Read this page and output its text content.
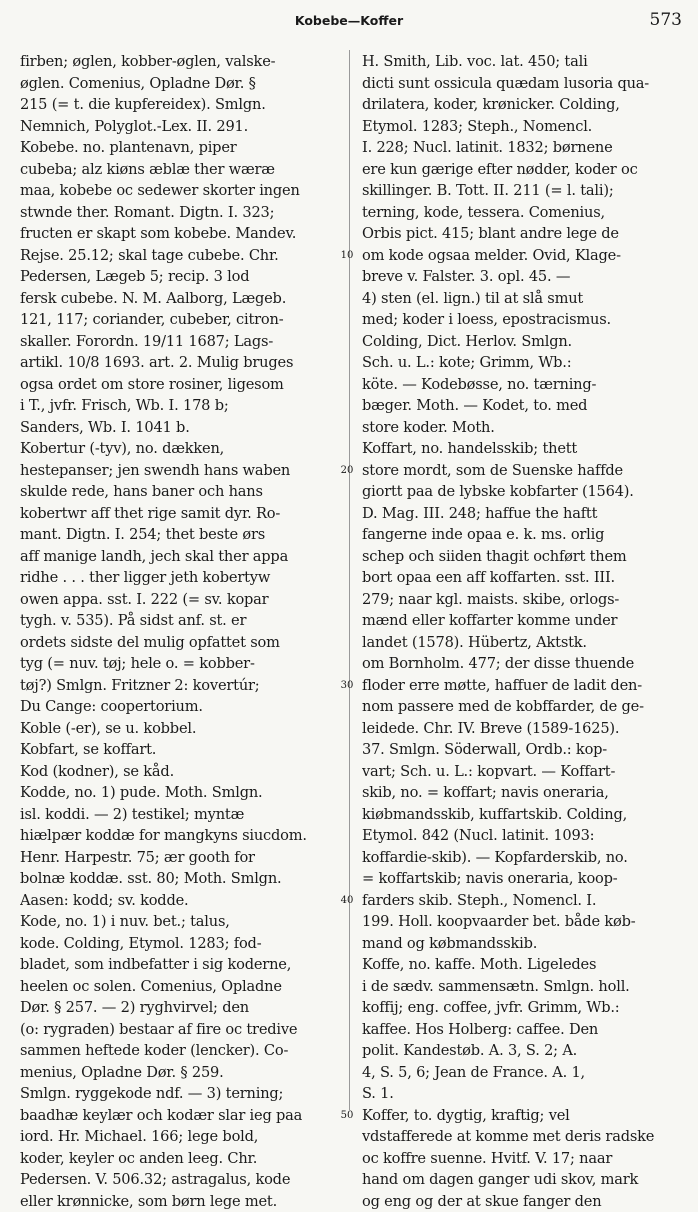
Kobebe—Koffer	573
firben; øglen, kobber-øglen, valske-
øglen. Comenius, Opladne Dør. §
215 (= t. die kupfereidex). Smlgn.
Nemnich, Polyglot.-Lex. II. 291.
Kobebe. no. plantenavn, piper
cubeba; alz kiøns æblæ ther wæræ
maa, kobebe oc sedewer skorter ingen
stwnde ther. Romant. Digtn. I. 323;
fructen er skapt som kobebe. Mandev.
Rejse. 25.12; skal tage cubebe. Chr.
Pedersen, Lægeb 5; recip. 3 lod
fersk cubebe. N. M. Aalborg, Lægeb.
121, 117; coriander, cubeber, citron-
skaller. Forordn. 19/11 1687; Lags-
artikl. 10/8 1693. art. 2. Mulig bruges
ogsa ordet om store rosiner, ligesom
i T., jvfr. Frisch, Wb. I. 178 b;
Sanders, Wb. I. 1041 b.
Kobertur (-tyv), no. dækken,
hestepanser; jen swendh hans waben
skulde rede, hans baner och hans
kobertwr aff thet rige samit dyr. Ro-
mant. Digtn. I. 254; thet beste ørs
aff manige landh, jech skal ther appa
ridhe . . . ther ligger jeth kobertyw
owen appa. sst. I. 222 (= sv. kopar
tygh. v. 535). På sidst anf. st. er
ordets sidste del mulig opfattet som
tyg (= nuv. tøj; hele o. = kobber-
tøj?) Smlgn. Fritzner 2: kovertúr;
Du Cange: coopertorium.
Koble (-er), se u. kobbel.
Kobfart, se koffart.
Kod (kodner), se kåd.
Kodde, no. 1) pude. Moth. Smlgn.
isl. koddi. — 2) testikel; myntæ
hiælpær koddæ for mangkyns siucdom.
Henr. Harpestr. 75; ær gooth for
bolnæ koddæ. sst. 80; Moth. Smlgn.
Aasen: kodd; sv. kodde.
Kode, no. 1) i nuv. bet.; talus,
kode. Colding, Etymol. 1283; fod-
bladet, som indbefatter i sig koderne,
heelen oc solen. Comenius, Opladne
Dør. § 257. — 2) ryghvirvel; den
(o: rygraden) bestaar af fire oc tredive
sammen heftede koder (lencker). Co-
menius, Opladne Dør. § 259.
Smlgn. ryggekode ndf. — 3) terning;
baadhæ keylær och kodær slar ieg paa
iord. Hr. Michael. 166; lege bold,
koder, keyler oc anden leeg. Chr.
Pedersen. V. 506.32; astragalus, kode
eller krønnicke, som børn lege met.
H. Smith, Lib. voc. lat. 450; tali
dicti sunt ossicula quædam lusoria qua-
drilatera, koder, krønicker. Colding,
Etymol. 1283; Steph., Nomencl.
I. 228; Nucl. latinit. 1832; børnene
ere kun gærige efter nødder, koder oc
skillinger. B. Tott. II. 211 (= l. tali);
terning, kode, tessera. Comenius,
Orbis pict. 415; blant andre lege de
om kode ogsaa melder. Ovid, Klage-
breve v. Falster. 3. opl. 45. —
4) sten (el. lign.) til at slå smut
med; koder i loess, epostracismus.
Colding, Dict. Herlov. Smlgn.
Sch. u. L.: kote; Grimm, Wb.:
köte. — Kodebøsse, no. tærning-
bæger. Moth. — Kodet, to. med
store koder. Moth.
Koffart, no. handelsskib; thett
store mordt, som de Suenske haffde
giortt paa de lybske kobfarter (1564).
D. Mag. III. 248; haffue the haftt
fangerne inde opaa e. k. ms. orlig
schep och siiden thagit ochført them
bort opaa een aff koffarten. sst. III.
279; naar kgl. maists. skibe, orlogs-
mænd eller koffarter komme under
landet (1578). Hübertz, Aktstk.
om Bornholm. 477; der disse thuende
floder erre møtte, haffuer de ladit den-
nom passere med de kobffarder, de ge-
leidede. Chr. IV. Breve (1589-1625).
37. Smlgn. Söderwall, Ordb.: kop-
vart; Sch. u. L.: kopvart. — Koffart-
skib, no. = koffart; navis oneraria,
kiøbmandsskib, kuffartskib. Colding,
Etymol. 842 (Nucl. latinit. 1093:
koffardie-skib). — Kopfarderskib, no.
= koffartskib; navis oneraria, koop-
farders skib. Steph., Nomencl. I.
199. Holl. koopvaarder bet. både køb-
mand og købmandsskib.
Koffe, no. kaffe. Moth. Ligeledes
i de sædv. sammensætn. Smlgn. holl.
koffij; eng. coffee, jvfr. Grimm, Wb.:
kaffee. Hos Holberg: caffee. Den
polit. Kandestøb. A. 3, S. 2; A.
4, S. 5, 6; Jean de France. A. 1,
S. 1.
Koffer, to. dygtig, kraftig; vel
vdstafferede at komme met deris radske
oc koffre suenne. Hvitf. V. 17; naar
hand om dagen ganger udi skov, mark
og eng og der at skue fanger den
10
20
30
40
50
